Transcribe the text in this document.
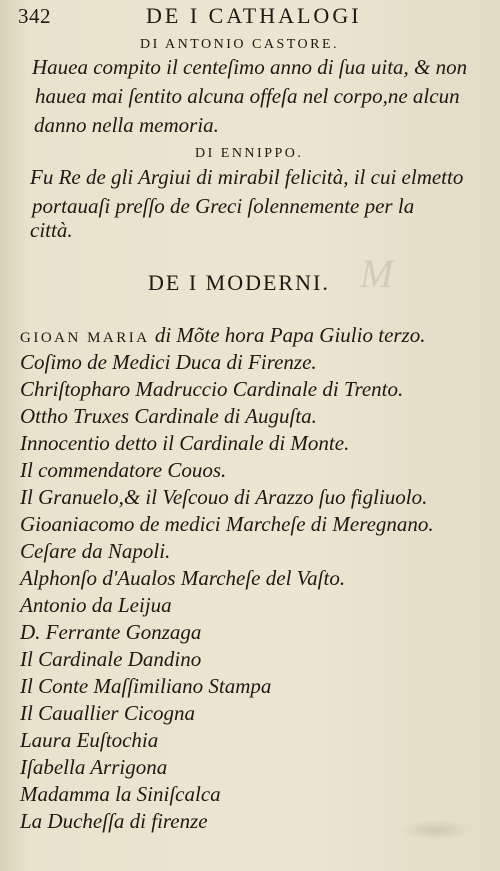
M
342	DE I CATHALOGI
DI ANTONIO CASTORE.
Haueа compito il centeſimo anno di ſua uita, & non
haueа mai ſentito alcuna offeſa nel corpo,ne alcun
danno nella memoria.
DI ENNIPPO.
Fu Re de gli Argiui di mirabil felicità, il cui elmetto
portauaſi preſſo de Greci ſolennemente per la
città.
DE I MODERNI.
GIOAN MARIA di Mõte hora Papa Giulio terzo.
Coſimo de Medici Duca di Firenze.
Chriſtopharo Madruccio Cardinale di Trento.
Ottho Truxes Cardinale di Auguſta.
Innocentio detto il Cardinale di Monte.
Il commendatore Couos.
Il Granuelo,& il Veſcouo di Arazzo ſuo figliuolo.
Gioaniacomo de medici Marcheſe di Meregnano.
Ceſare da Napoli.
Alphonſo d'Aualos Marcheſe del Vaſto.
Antonio da Leijua
D. Ferrante Gonzaga
Il Cardinale Dandino
Il Conte Maſſimiliano Stampa
Il Cauallier Cicogna
Laura Euſtochia
Iſabella Arrigona
Madamma la Siniſcalca
La Ducheſſa di firenze
